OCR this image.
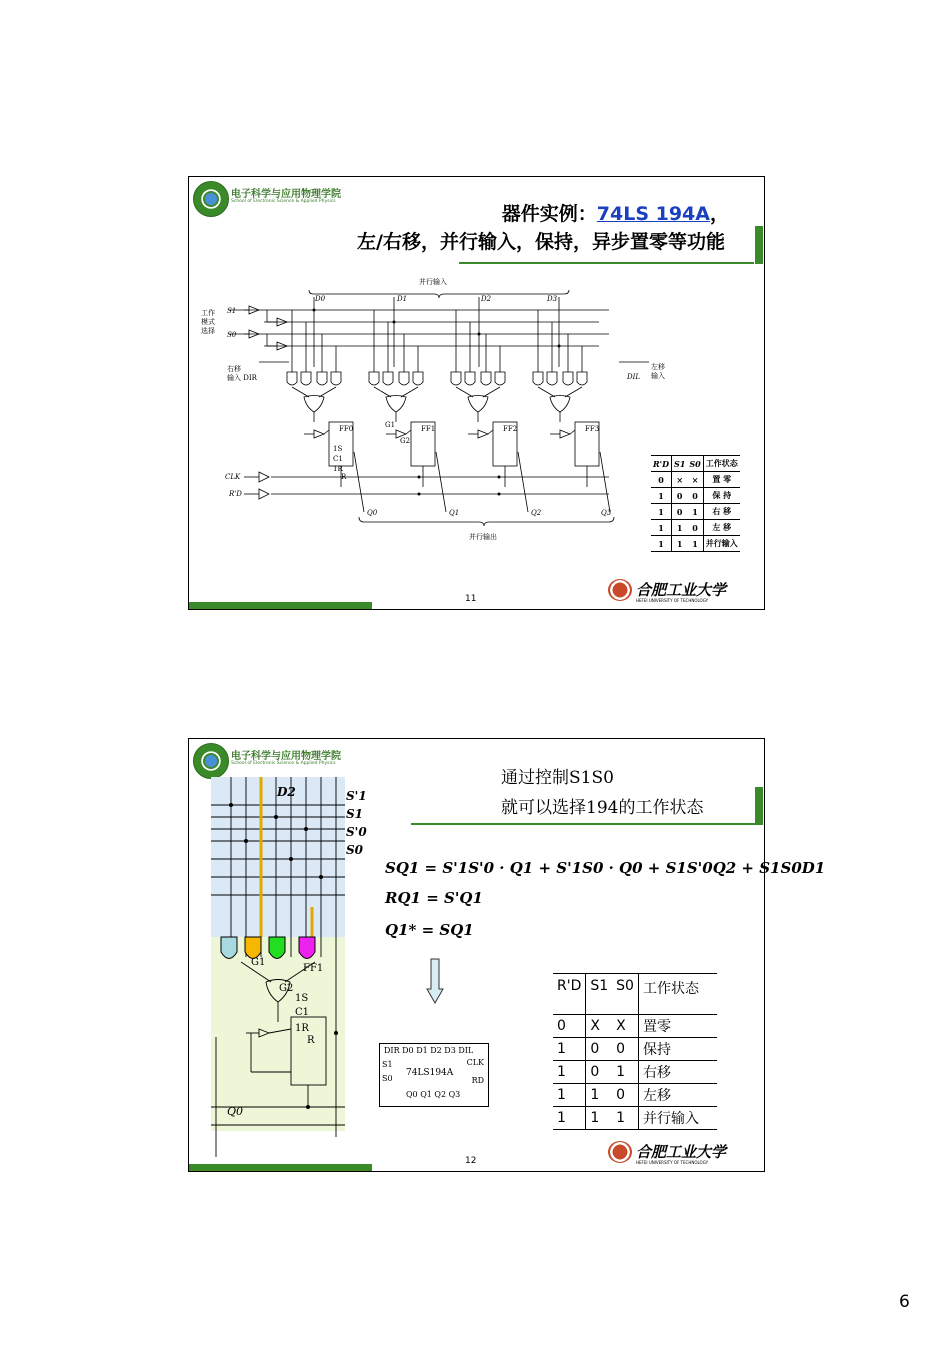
电子科学与应用物理学院
School of Electronic Science & Applied Physics
器件实例：74LS 194A，
左/右移，并行输入，保持，异步置零等功能
并行输入
D0	D1	D2	D3
工作
模式
选择
S1
S0
右移
输入 DIR	DIL
左移
输入
FF0	FF1	FF2	FF3
G1
G2
1S
C1
1R
R
CLK
R'D
Q0	Q1	Q2	Q3
并行输出
R'D	S1	S0	工作状态
0	×	×	置 零
1	0	0	保 持
1	0	1	右 移
1	1	0	左 移
1	1	1	并行输入
11	合肥工业大学
HEFEI UNIVERSITY OF TECHNOLOGY
电子科学与应用物理学院
School of Electronic Science & Applied Physics
D2	S'1
S1
S'0
S0
G1
G2
FF1
1S
C1
1R
R
Q0
通过控制S1S0
就可以选择194的工作状态
SQ1 = S'1S'0 · Q1 + S'1S0 · Q0 + S1S'0Q2 + S1S0D1
RQ1 = S'Q1
Q1* = SQ1
DIR D0 D1 D2 D3 DIL
S1
S0
74LS194A
CLK
RD
Q0 Q1 Q2 Q3
R'D	S1	S0	工作状态
0	X	X	置零
1	0	0	保持
1	0	1	右移
1	1	0	左移
1	1	1	并行输入
12	合肥工业大学
HEFEI UNIVERSITY OF TECHNOLOGY
6
